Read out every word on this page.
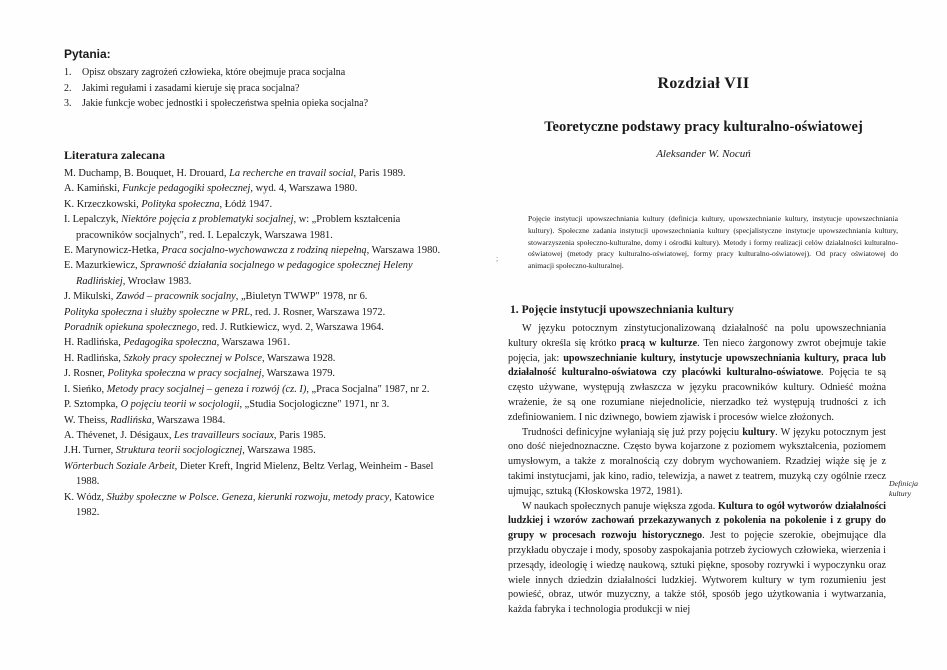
Pytania:
1. Opisz obszary zagrożeń człowieka, które obejmuje praca socjalna
2. Jakimi regułami i zasadami kieruje się praca socjalna?
3. Jakie funkcje wobec jednostki i społeczeństwa spełnia opieka socjalna?
Literatura zalecana
M. Duchamp, B. Bouquet, H. Drouard, La recherche en travail social, Paris 1989.
A. Kamiński, Funkcje pedagogiki społecznej, wyd. 4, Warszawa 1980.
K. Krzeczkowski, Polityka społeczna, Łódź 1947.
I. Lepalczyk, Niektóre pojęcia z problematyki socjalnej, w: „Problem kształcenia pracowników socjalnych", red. I. Lepalczyk, Warszawa 1981.
E. Marynowicz-Hetka, Praca socjalno-wychowawcza z rodziną niepełną, Warszawa 1980.
E. Mazurkiewicz, Sprawność działania socjalnego w pedagogice społecznej Heleny Radlińskiej, Wrocław 1983.
J. Mikulski, Zawód – pracownik socjalny, „Biuletyn TWWP" 1978, nr 6.
Polityka społeczna i służby społeczne w PRL, red. J. Rosner, Warszawa 1972.
Poradnik opiekuna społecznego, red. J. Rutkiewicz, wyd. 2, Warszawa 1964.
H. Radlińska, Pedagogika społeczna, Warszawa 1961.
H. Radlińska, Szkoły pracy społecznej w Polsce, Warszawa 1928.
J. Rosner, Polityka społeczna w pracy socjalnej, Warszawa 1979.
I. Sieńko, Metody pracy socjalnej – geneza i rozwój (cz. I), „Praca Socjalna" 1987, nr 2.
P. Sztompka, O pojęciu teorii w socjologii, „Studia Socjologiczne" 1971, nr 3.
W. Theiss, Radlińska, Warszawa 1984.
A. Thévenet, J. Désigaux, Les travailleurs sociaux, Paris 1985.
J.H. Turner, Struktura teorii socjologicznej, Warszawa 1985.
Wörterbuch Soziale Arbeit, Dieter Kreft, Ingrid Mielenz, Beltz Verlag, Weinheim - Basel 1988.
K. Wódz, Służby społeczne w Polsce. Geneza, kierunki rozwoju, metody pracy, Katowice 1982.
Rozdział VII
Teoretyczne podstawy pracy kulturalno-oświatowej
Aleksander W. Nocuń
Pojęcie instytucji upowszechniania kultury (definicja kultury, upowszechnianie kultury, instytucje upowszechniania kultury). Społeczne zadania instytucji upowszechniania kultury (specjalistyczne instytucje upowszechniania kultury, stowarzyszenia społeczno-kulturalne, domy i ośrodki kultury). Metody i formy realizacji celów działalności kulturalno-oświatowej (metody pracy kulturalno-oświatowej, formy pracy kulturalno-oświatowej). Od pracy oświatowej do animacji społeczno-kulturalnej.
;
1. Pojęcie instytucji upowszechniania kultury

W języku potocznym zinstytucjonalizowaną działalność na polu upowszechniania kultury określa się krótko pracą w kulturze. Ten nieco żargonowy zwrot obejmuje takie pojęcia, jak: upowszechnianie kultury, instytucje upowszechniania kultury, praca lub działalność kulturalno-oświatowa czy placówki kulturalno-oświatowe. Pojęcia te są często używane, występują zwłaszcza w języku pracowników kultury. Odnieść można wrażenie, że są one rozumiane niejednolicie, nierzadko też występują trudności z ich zdefiniowaniem. I nic dziwnego, bowiem zjawisk i procesów wielce złożonych.

Trudności definicyjne wyłaniają się już przy pojęciu kultury. W języku potocznym jest ono dość niejednoznaczne. Często bywa kojarzone z poziomem wykształcenia, poziomem umysłowym, a także z moralnością czy dobrym wychowaniem. Rzadziej wiąże się je z takimi instytucjami, jak kino, radio, telewizja, a nawet z teatrem, muzyką czy ogólnie rzecz ujmując, sztuką (Kłoskowska 1972, 1981).

W naukach społecznych panuje większa zgoda. Kultura to ogół wytworów działalności ludzkiej i wzorów zachowań przekazywanych z pokolenia na pokolenie i z grupy do grupy w procesach rozwoju historycznego. Jest to pojęcie szerokie, obejmujące dla przykładu obyczaje i mody, sposoby zaspokajania potrzeb życiowych człowieka, wierzenia i przesądy, ideologię i wiedzę naukową, sztuki piękne, sposoby rozrywki i wypoczynku oraz wiele innych dziedzin działalności ludzkiej. Wytworem kultury w tym rozumieniu jest powieść, obraz, utwór muzyczny, a także stół, sposób jego użytkowania i wytwarzania, każda fabryka i technologia produkcji w niej

Definicja
kultury
